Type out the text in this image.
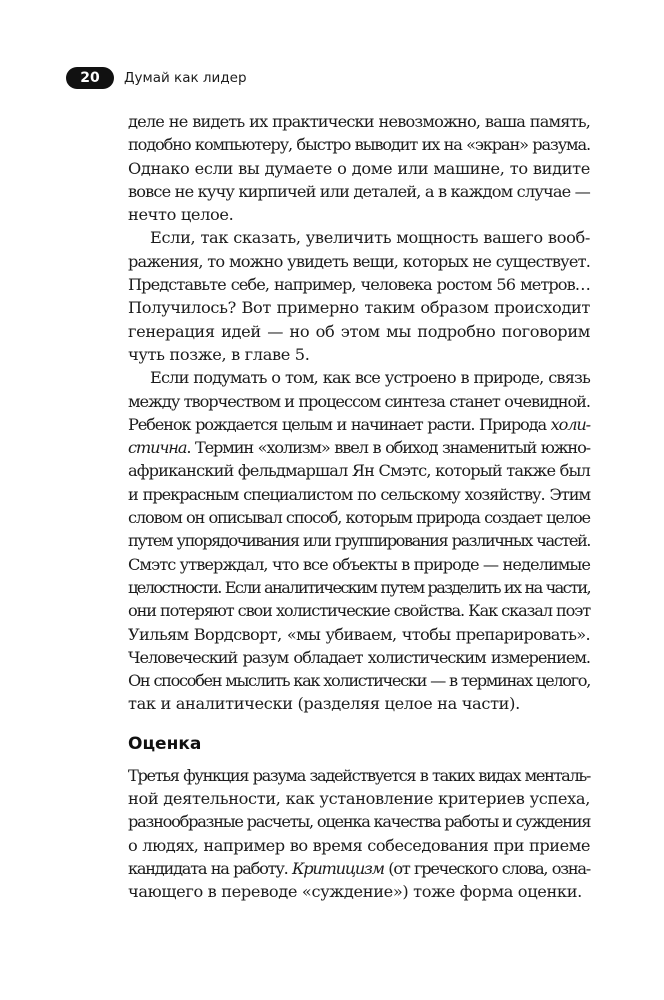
20	Думай как лидер
деле не видеть их практически невозможно, ваша память,
подобно компьютеру, быстро выводит их на «экран» разума.
Однако если вы думаете о доме или машине, то видите
вовсе не кучу кирпичей или деталей, а в каждом случае —
нечто целое.
Если, так сказать, увеличить мощность вашего вооб-
ражения, то можно увидеть вещи, которых не существует.
Представьте себе, например, человека ростом 56 метров…
Получилось? Вот примерно таким образом происходит
генерация идей — но об этом мы подробно поговорим
чуть позже, в главе 5.
Если подумать о том, как все устроено в природе, связь
между творчеством и процессом синтеза станет очевидной.
Ребенок рождается целым и начинает расти. Природа холи-
стична. Термин «холизм» ввел в обиход знаменитый южно-
африканский фельдмаршал Ян Смэтс, который также был
и прекрасным специалистом по сельскому хозяйству. Этим
словом он описывал способ, которым природа создает целое
путем упорядочивания или группирования различных частей.
Смэтс утверждал, что все объекты в природе — неделимые
целостности. Если аналитическим путем разделить их на части,
они потеряют свои холистические свойства. Как сказал поэт
Уильям Вордсворт, «мы убиваем, чтобы препарировать».
Человеческий разум обладает холистическим измерением.
Он способен мыслить как холистически — в терминах целого,
так и аналитически (разделяя целое на части).
Оценка
Третья функция разума задействуется в таких видах менталь-
ной деятельности, как установление критериев успеха,
разнообразные расчеты, оценка качества работы и суждения
о людях, например во время собеседования при приеме
кандидата на работу. Критицизм (от греческого слова, озна-
чающего в переводе «суждение») тоже форма оценки.
